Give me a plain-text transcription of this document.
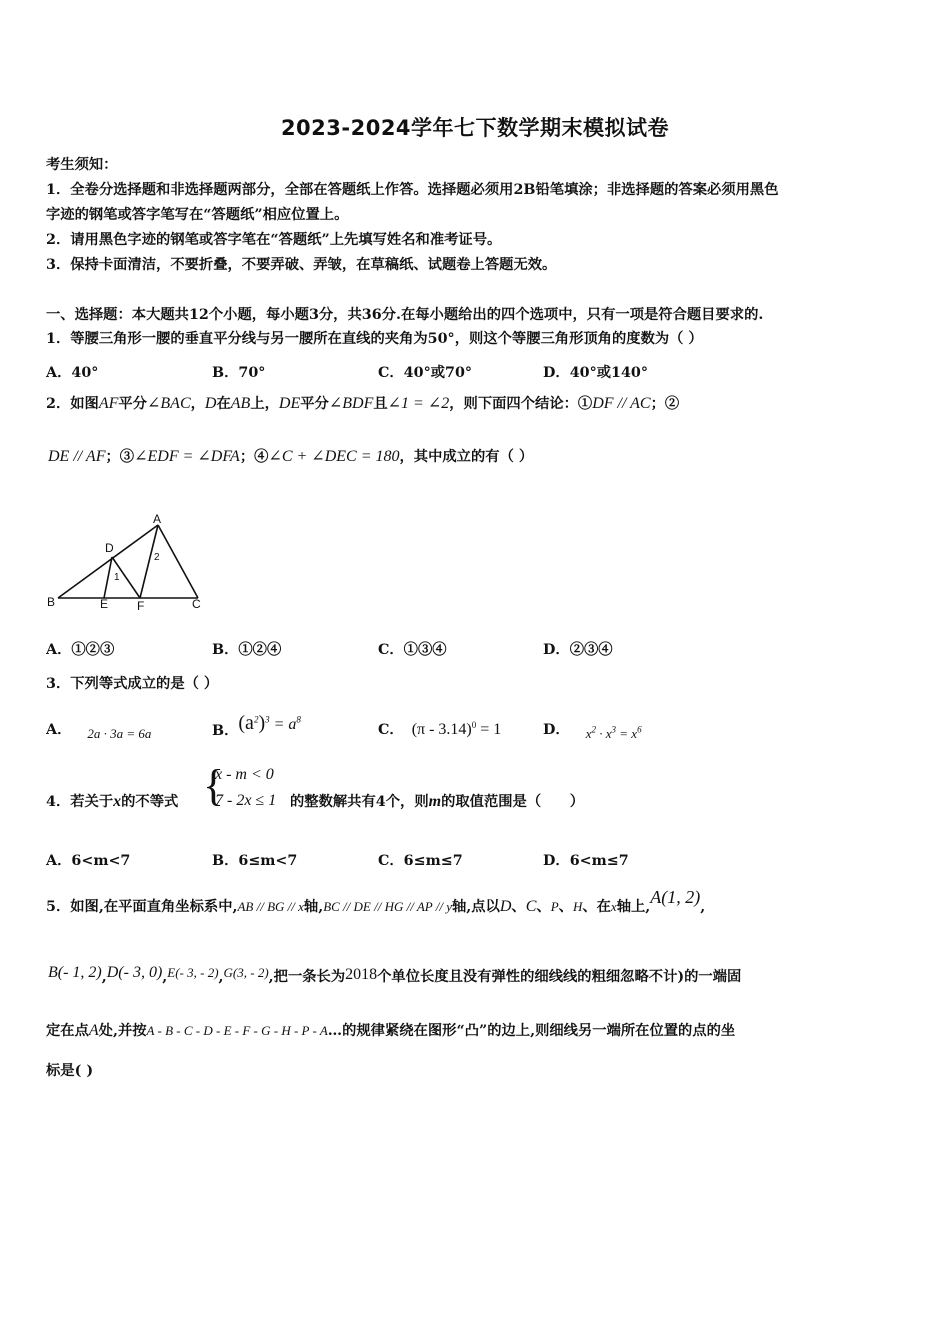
2023-2024学年七下数学期末模拟试卷
考生须知：
1．全卷分选择题和非选择题两部分，全部在答题纸上作答。选择题必须用2B铅笔填涂；非选择题的答案必须用黑色
字迹的钢笔或答字笔写在“答题纸”相应位置上。
2．请用黑色字迹的钢笔或答字笔在“答题纸”上先填写姓名和准考证号。
3．保持卡面清洁，不要折叠，不要弄破、弄皱，在草稿纸、试题卷上答题无效。
一、选择题：本大题共12个小题，每小题3分，共36分.在每小题给出的四个选项中，只有一项是符合题目要求的.
1．等腰三角形一腰的垂直平分线与另一腰所在直线的夹角为50°，则这个等腰三角形顶角的度数为（ ）
A．40°	B．70°	C．40°或70°	D．40°或140°
2．如图AF平分∠BAC，D在AB上，DE平分∠BDF且∠1 = ∠2，则下面四个结论：①DF // AC；②
DE // AF；③∠EDF = ∠DFA；④∠C + ∠DEC = 180，其中成立的有（ ）
A
B	C
D
E F
1
2
A．①②③	B．①②④	C．①③④	D．②③④
3．下列等式成立的是（ ）
A． 2a · 3a = 6a	B．$(a^2)^3 = a^8$
C． (π - 3.14)$^0$ = 1	D． $x^2 \cdot x^3 = x^6$
4．若关于x的不等式 {
x - m < 0
7 - 2x ≤ 1 的整数解共有4个，则m的取值范围是（　　）
A．6<m<7	B．6≤m<7	C．6≤m≤7	D．6<m≤7
5．如图,在平面直角坐标系中,AB // BG // x轴,BC // DE // HG // AP // y轴,点以D、C、P、H、在x轴上,A(1, 2),
B(- 1, 2),D(- 3, 0),E(- 3, - 2),G(3, - 2),把一条长为2018个单位长度且没有弹性的细线线的粗细忽略不计)的一端固
定在点A处,并按A - B - C - D - E - F - G - H - P - A…的规律紧绕在图形“凸”的边上,则细线另一端所在位置的点的坐
标是( )
